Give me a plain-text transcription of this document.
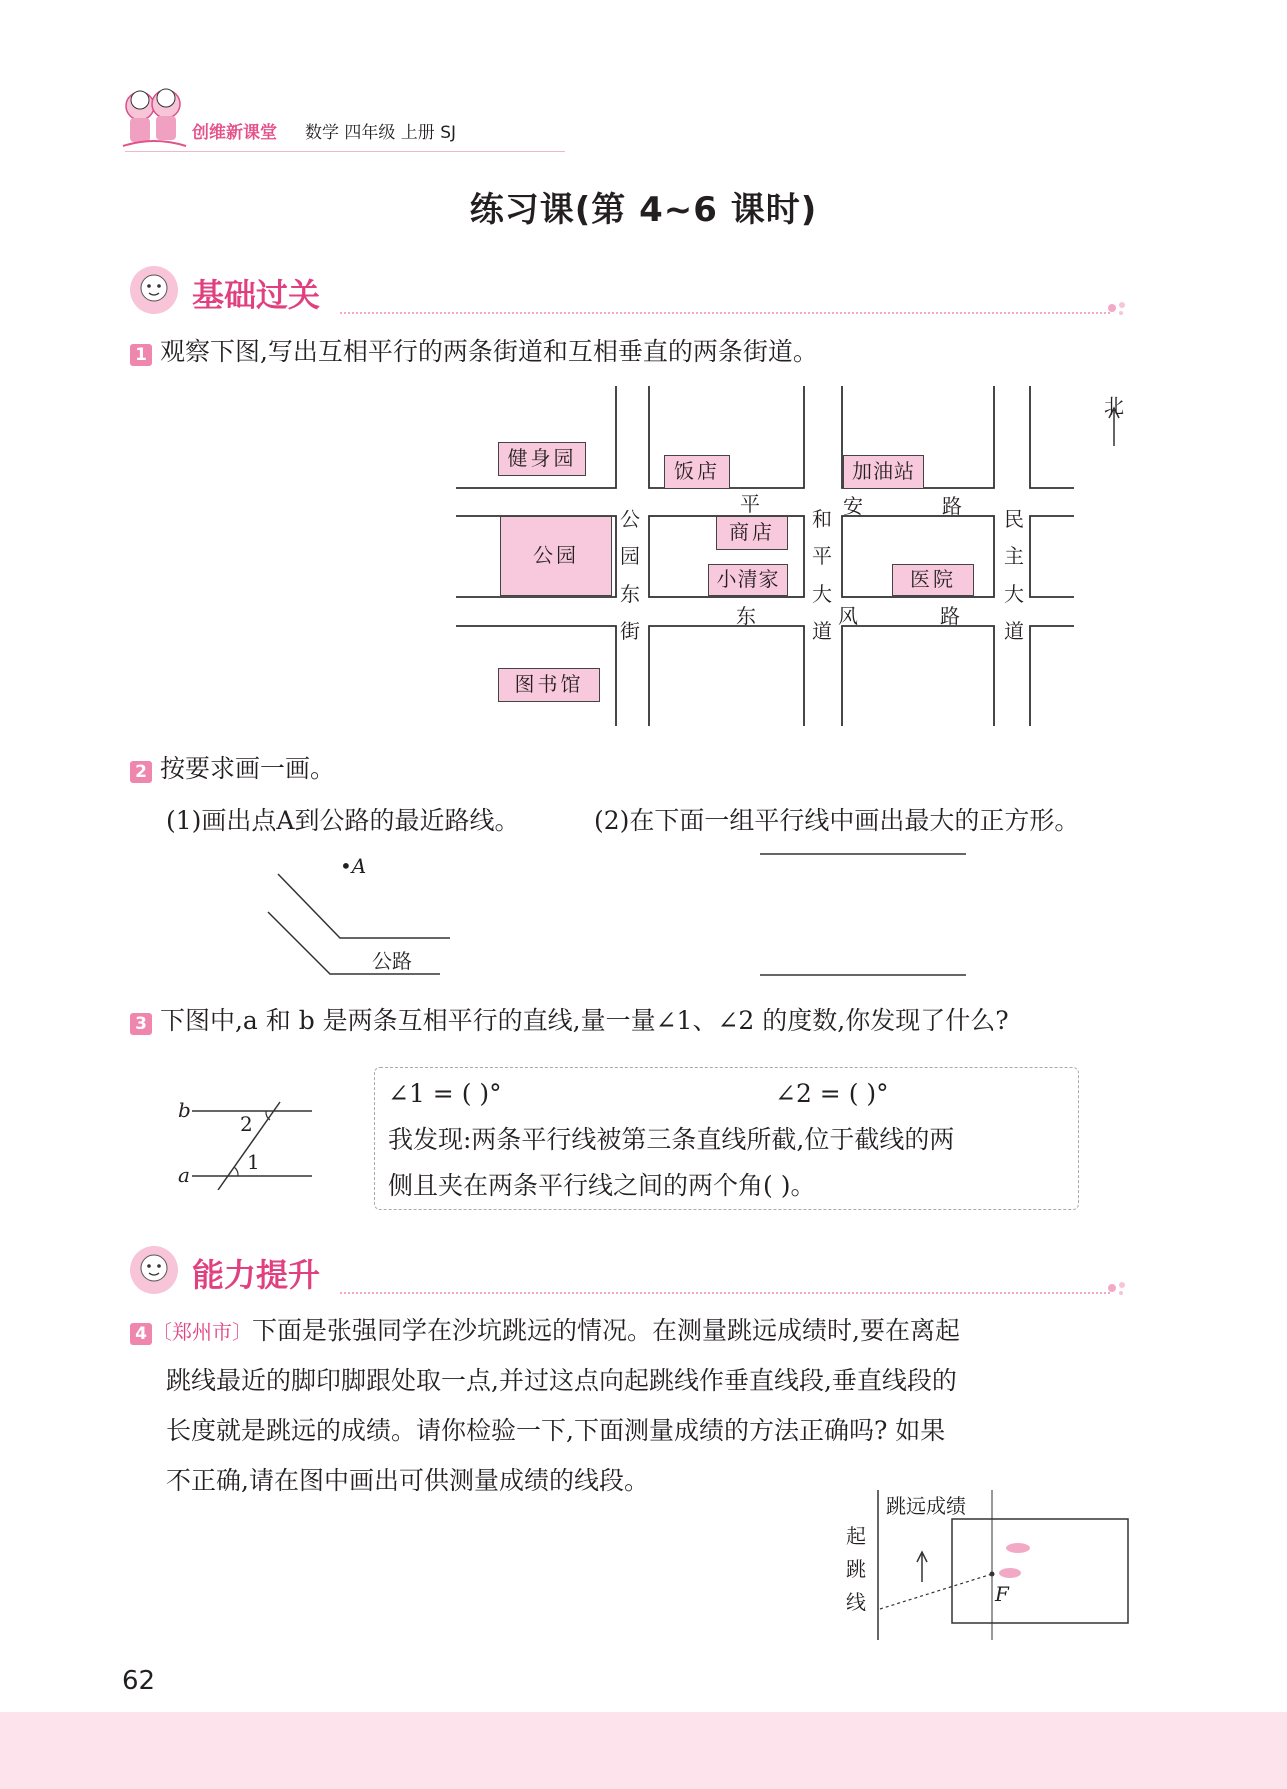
创维新课堂 数学 四年级 上册 SJ
练习课(第 4~6 课时)
基础过关
1 观察下图,写出互相平行的两条街道和互相垂直的两条街道。
北
健身园
饭店	加油站
商店
公园
小清家	医院
图书馆
公
园
东
街
和
平
大
道
民
主
大
道
平	安	路
东	风	路
2 按要求画一画。
(1)画出点A到公路的最近路线。	(2)在下面一组平行线中画出最大的正方形。
•A
公路
3 下图中,a 和 b 是两条互相平行的直线,量一量∠1、∠2 的度数,你发现了什么?
b
a
2
1
∠1 = ( )°	∠2 = ( )°
我发现:两条平行线被第三条直线所截,位于截线的两
侧且夹在两条平行线之间的两个角( )。
能力提升
4 〔郑州市〕下面是张强同学在沙坑跳远的情况。在测量跳远成绩时,要在离起
跳线最近的脚印脚跟处取一点,并过这点向起跳线作垂直线段,垂直线段的
长度就是跳远的成绩。请你检验一下,下面测量成绩的方法正确吗? 如果
不正确,请在图中画出可供测量成绩的线段。
跳远成绩
起
跳
线	F
62
